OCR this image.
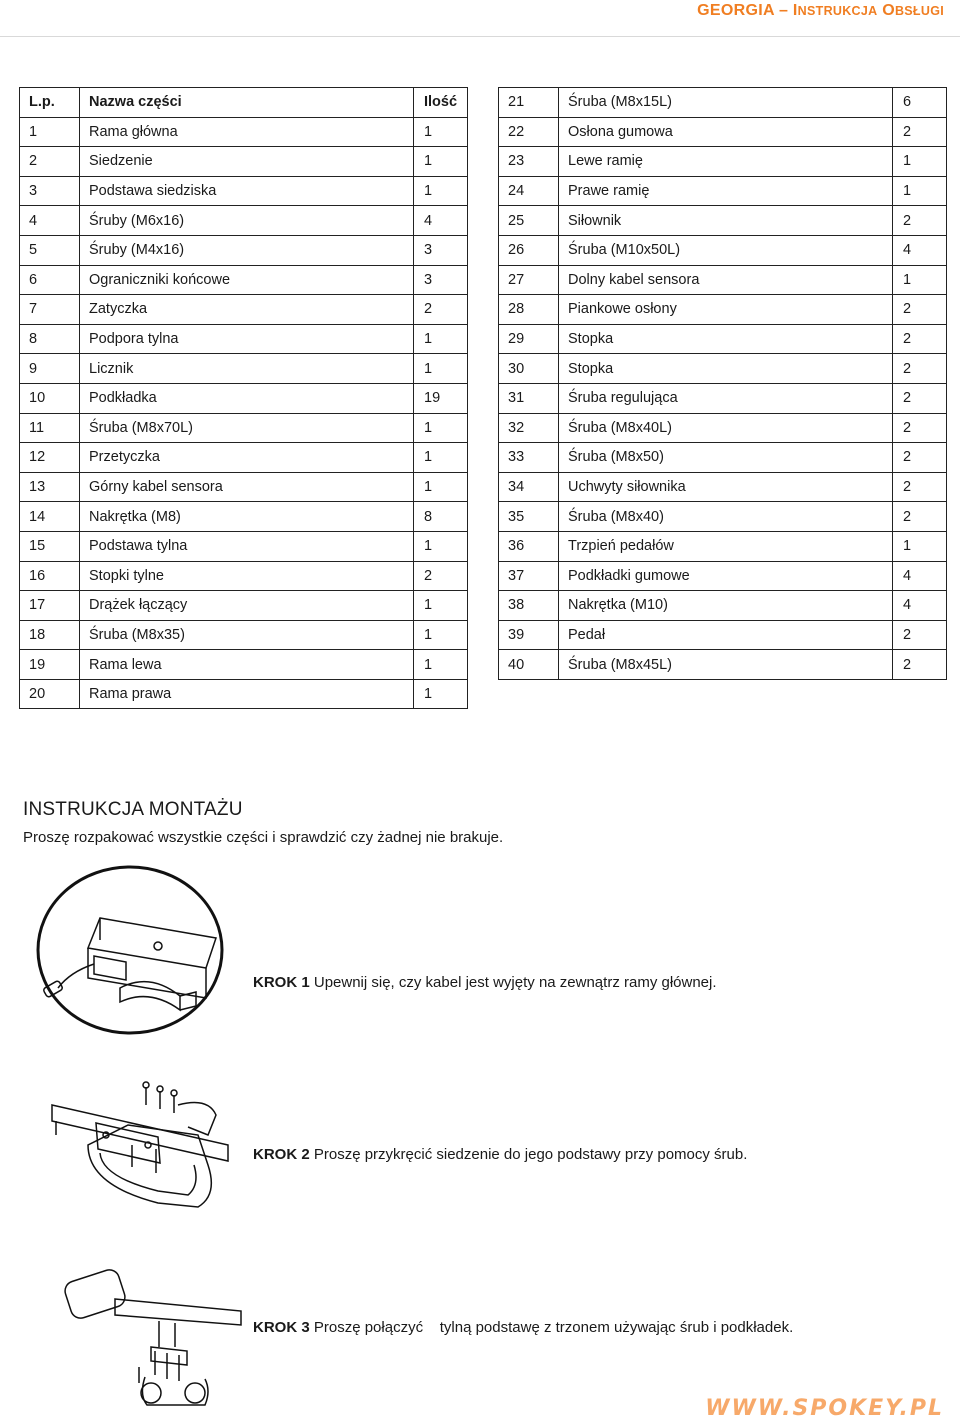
GEORGIA – INSTRUKCJA OBSŁUGI
L.p.	Nazwa części	Ilość
1	Rama główna	1
2	Siedzenie	1
3	Podstawa siedziska	1
4	Śruby (M6x16)	4
5	Śruby (M4x16)	3
6	Ograniczniki końcowe	3
7	Zatyczka	2
8	Podpora tylna	1
9	Licznik	1
10	Podkładka	19
11	Śruba (M8x70L)	1
12	Przetyczka	1
13	Górny kabel sensora	1
14	Nakrętka (M8)	8
15	Podstawa tylna	1
16	Stopki tylne	2
17	Drążek łączący	1
18	Śruba (M8x35)	1
19	Rama lewa	1
20	Rama prawa	1
21	Śruba (M8x15L)	6
22	Osłona gumowa	2
23	Lewe ramię	1
24	Prawe ramię	1
25	Siłownik	2
26	Śruba (M10x50L)	4
27	Dolny kabel sensora	1
28	Piankowe osłony	2
29	Stopka	2
30	Stopka	2
31	Śruba regulująca	2
32	Śruba (M8x40L)	2
33	Śruba (M8x50)	2
34	Uchwyty siłownika	2
35	Śruba (M8x40)	2
36	Trzpień pedałów	1
37	Podkładki gumowe	4
38	Nakrętka (M10)	4
39	Pedał	2
40	Śruba (M8x45L)	2
INSTRUKCJA MONTAŻU
Proszę rozpakować wszystkie części i sprawdzić czy żadnej nie brakuje.
KROK 1 Upewnij się, czy kabel jest wyjęty na zewnątrz ramy głównej.
KROK 2 Proszę przykręcić siedzenie do jego podstawy przy pomocy śrub.
KROK 3 Proszę połączyć    tylną podstawę z trzonem używając śrub i podkładek.
WWW.SPOKEY.PL
